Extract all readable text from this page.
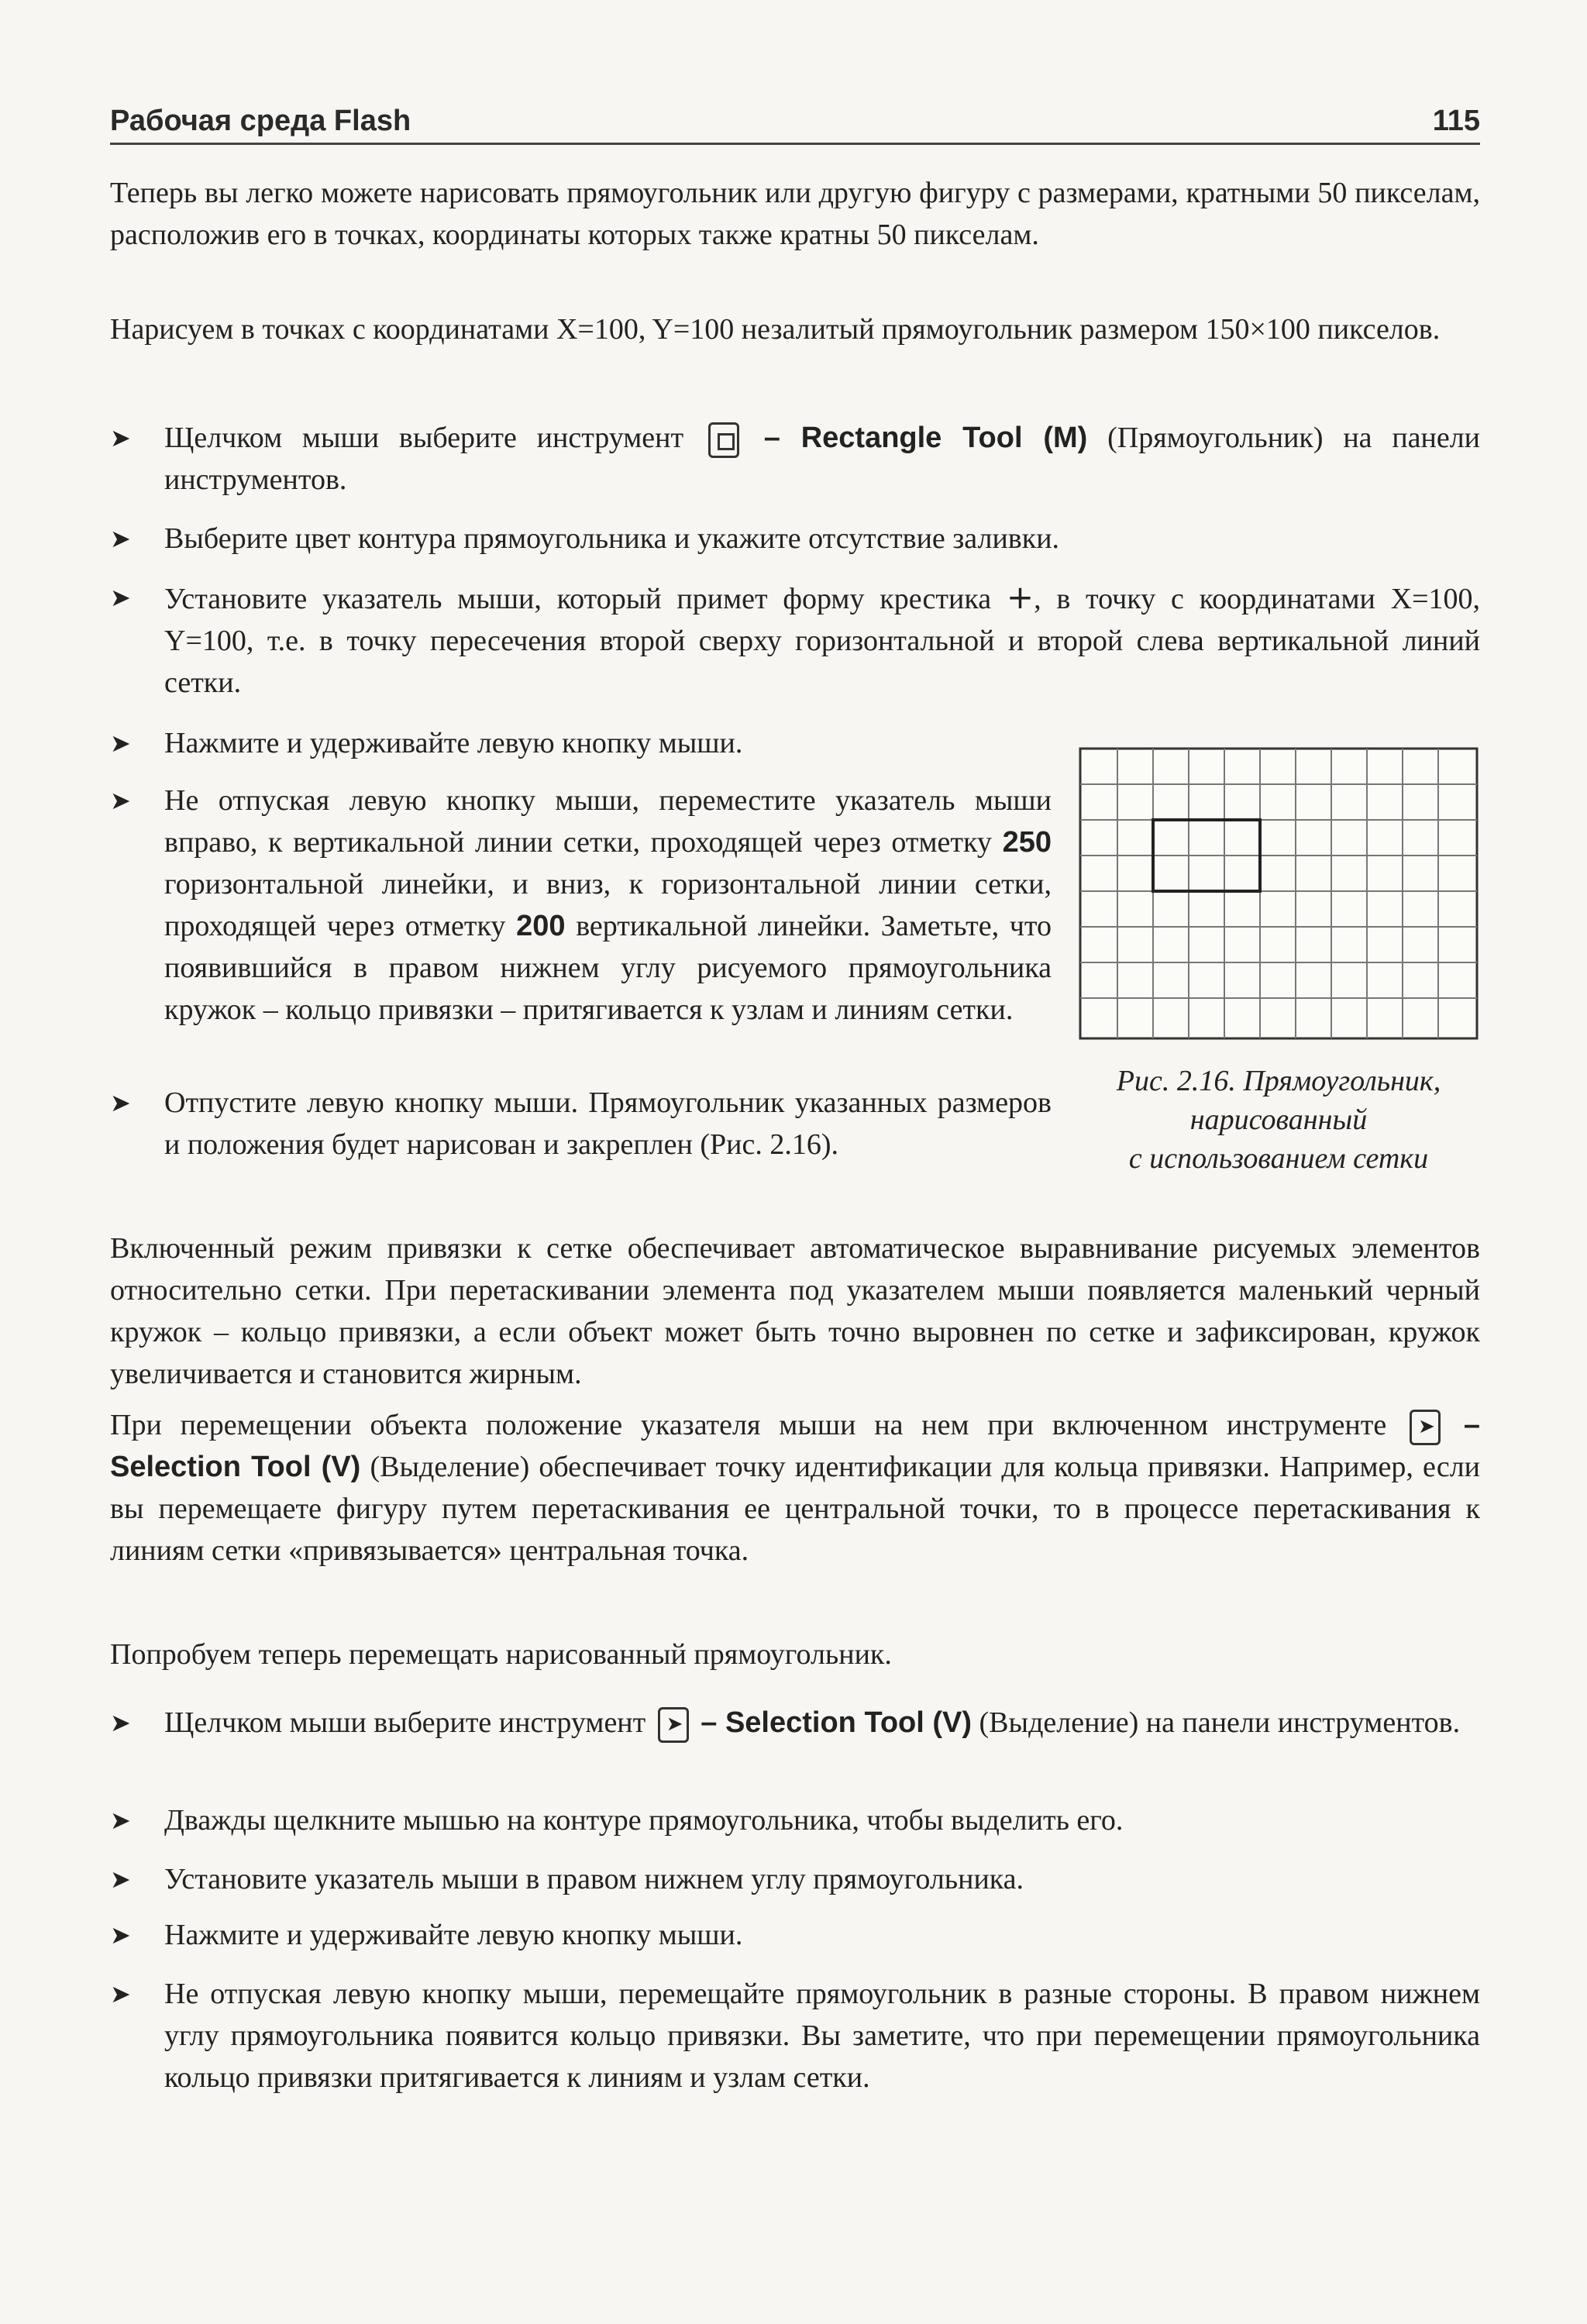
Рабочая среда Flash	115
Теперь вы легко можете нарисовать прямоугольник или другую фигуру с размерами, кратными 50 пикселам, расположив его в точках, координаты которых также кратны 50 пикселам.
Нарисуем в точках с координатами X=100, Y=100 незалитый прямоугольник размером 150×100 пикселов.
➤	Щелчком мыши выберите инструмент	– Rectangle Tool (M) (Прямоугольник) на панели инструментов.
➤	Выберите цвет контура прямоугольника и укажите отсутствие заливки.
➤	Установите указатель мыши, который примет форму крестика +, в точку с координатами X=100, Y=100, т.е. в точку пересечения второй сверху горизонтальной и второй слева вертикальной линий сетки.
➤	Нажмите и удерживайте левую кнопку мыши.
➤	Не отпуская левую кнопку мыши, переместите указатель мыши вправо, к вертикальной линии сетки, проходящей через отметку 250 горизонтальной линейки, и вниз, к горизонтальной линии сетки, проходящей через отметку 200 вертикальной линейки. Заметьте, что появившийся в правом нижнем углу рисуемого прямоугольника кружок – кольцо привязки – притягивается к узлам и линиям сетки.
➤	Отпустите левую кнопку мыши. Прямоугольник указанных размеров и положения будет нарисован и закреплен (Рис. 2.16).
Рис. 2.16. Прямоугольник,
нарисованный
с использованием сетки
Включенный режим привязки к сетке обеспечивает автоматическое выравнивание рисуемых элементов относительно сетки. При перетаскивании элемента под указателем мыши появляется маленький черный кружок – кольцо привязки, а если объект может быть точно выровнен по сетке и зафиксирован, кружок увеличивается и становится жирным.
При перемещении объекта положение указателя мыши на нем при включенном инструменте ➤ – Selection Tool (V) (Выделение) обеспечивает точку идентификации для кольца привязки. Например, если вы перемещаете фигуру путем перетаскивания ее центральной точки, то в процессе перетаскивания к линиям сетки «привязывается» центральная точка.
Попробуем теперь перемещать нарисованный прямоугольник.
➤	Щелчком мыши выберите инструмент ➤ – Selection Tool (V) (Выделение) на панели инструментов.
➤	Дважды щелкните мышью на контуре прямоугольника, чтобы выделить его.
➤	Установите указатель мыши в правом нижнем углу прямоугольника.
➤	Нажмите и удерживайте левую кнопку мыши.
➤	Не отпуская левую кнопку мыши, перемещайте прямоугольник в разные стороны. В правом нижнем углу прямоугольника появится кольцо привязки. Вы заметите, что при перемещении прямоугольника кольцо привязки притягивается к линиям и узлам сетки.
